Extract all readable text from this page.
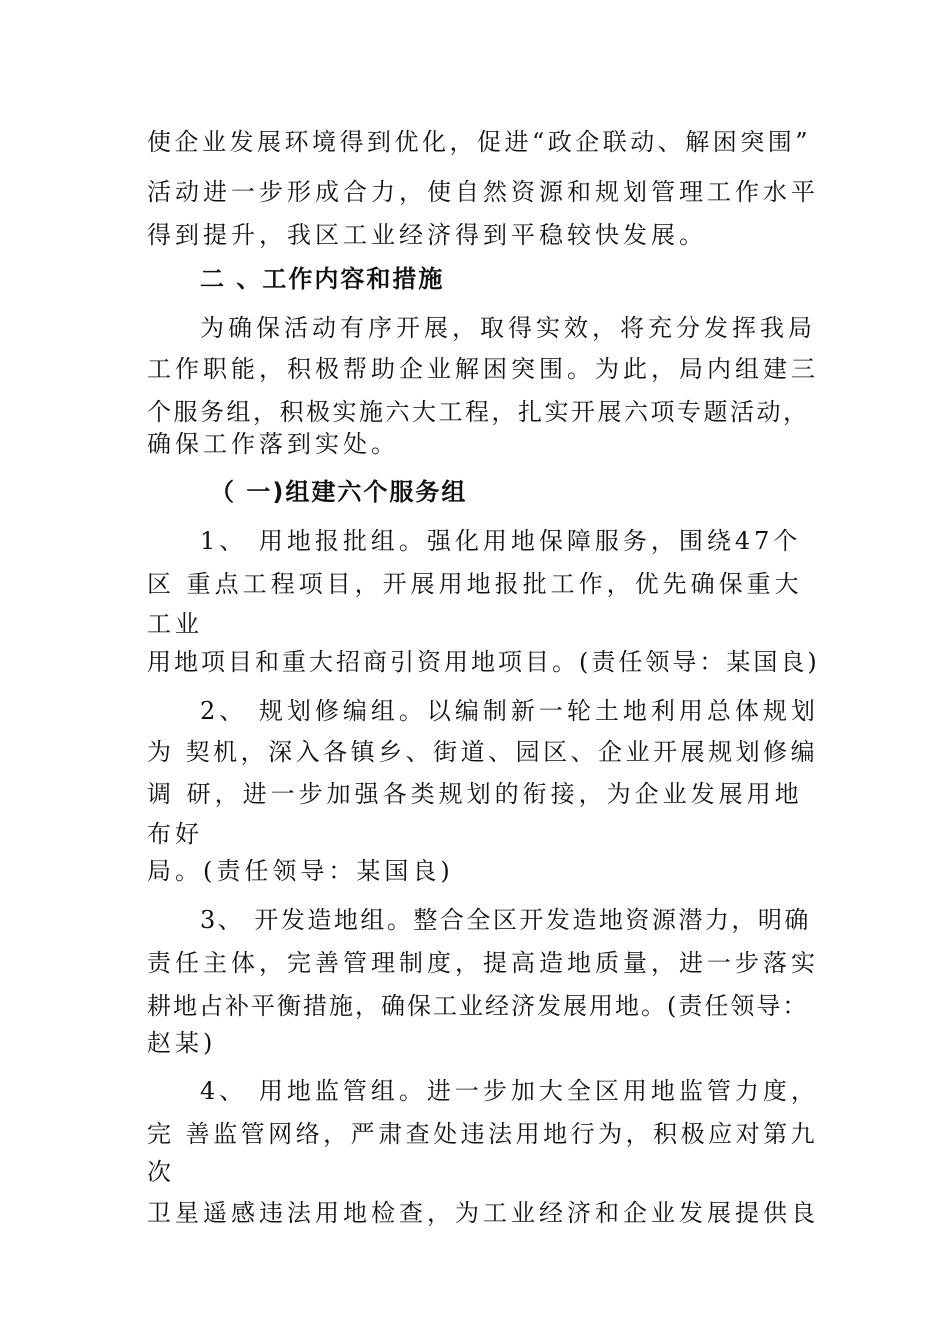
使企业发展环境得到优化，促进“政企联动、解困突围”

活动进一步形成合力，使自然资源和规划管理工作水平

得到提升，我区工业经济得到平稳较快发展。

二 、工作内容和措施

为确保活动有序开展，取得实效，将充分发挥我局

工作职能，积极帮助企业解困突围。为此，局内组建三

个服务组，积极实施六大工程，扎实开展六项专题活动，

确保工作落到实处。

（ 一)组建六个服务组

1、 用地报批组。强化用地保障服务，围绕47个

区 重点工程项目，开展用地报批工作，优先确保重大

工业

用地项目和重大招商引资用地项目。(责任领导：某国良)

2、 规划修编组。以编制新一轮土地利用总体规划

为 契机，深入各镇乡、街道、园区、企业开展规划修编

调 研，进一步加强各类规划的衔接，为企业发展用地

布好

局。(责任领导：某国良)

3、 开发造地组。整合全区开发造地资源潜力，明确

责任主体，完善管理制度，提高造地质量，进一步落实

耕地占补平衡措施，确保工业经济发展用地。(责任领导：

赵某)

4、 用地监管组。进一步加大全区用地监管力度，

完 善监管网络，严肃查处违法用地行为，积极应对第九

次

卫星遥感违法用地检查，为工业经济和企业发展提供良
